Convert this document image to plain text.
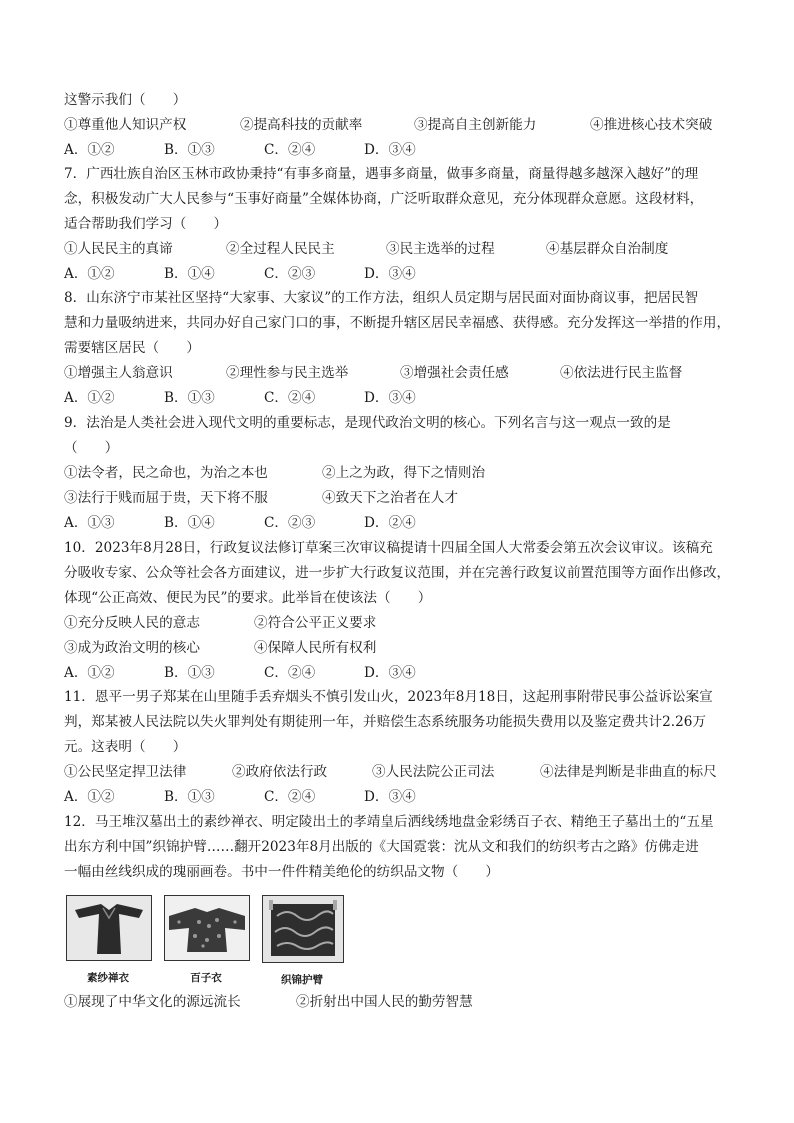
这警示我们（　　）
①尊重他人知识产权	②提高科技的贡献率	③提高自主创新能力	④推进核心技术突破
A．①②	B．①③	C．②④	D．③④
7．广西壮族自治区玉林市政协秉持“有事多商量，遇事多商量，做事多商量，商量得越多越深入越好”的理
念，积极发动广大人民参与“玉事好商量”全媒体协商，广泛听取群众意见，充分体现群众意愿。这段材料，
适合帮助我们学习（　　）
①人民民主的真谛	②全过程人民民主	③民主选举的过程	④基层群众自治制度
A．①②	B．①④	C．②③	D．③④
8．山东济宁市某社区坚持“大家事、大家议”的工作方法，组织人员定期与居民面对面协商议事，把居民智
慧和力量吸纳进来，共同办好自己家门口的事，不断提升辖区居民幸福感、获得感。充分发挥这一举措的作用，
需要辖区居民（　　）
①增强主人翁意识	②理性参与民主选举	③增强社会责任感	④依法进行民主监督
A．①②	B．①③	C．②④	D．③④
9．法治是人类社会进入现代文明的重要标志，是现代政治文明的核心。下列名言与这一观点一致的是
（　　）
①法令者，民之命也，为治之本也	②上之为政，得下之情则治
③法行于贱而屈于贵，天下将不服	④致天下之治者在人才
A．①③	B．①④	C．②③	D．②④
10．2023年8月28日，行政复议法修订草案三次审议稿提请十四届全国人大常委会第五次会议审议。该稿充
分吸收专家、公众等社会各方面建议，进一步扩大行政复议范围，并在完善行政复议前置范围等方面作出修改，
体现“公正高效、便民为民”的要求。此举旨在使该法（　　）
①充分反映人民的意志	②符合公平正义要求
③成为政治文明的核心	④保障人民所有权利
A．①②	B．①③	C．②④	D．③④
11．恩平一男子郑某在山里随手丢弃烟头不慎引发山火，2023年8月18日，这起刑事附带民事公益诉讼案宣
判，郑某被人民法院以失火罪判处有期徒刑一年，并赔偿生态系统服务功能损失费用以及鉴定费共计2.26万
元。这表明（　　）
①公民坚定捍卫法律	②政府依法行政	③人民法院公正司法	④法律是判断是非曲直的标尺
A．①②	B．①③	C．②④	D．③④
12．马王堆汉墓出土的素纱禅衣、明定陵出土的孝靖皇后洒线绣地盘金彩绣百子衣、精绝王子墓出土的“五星
出东方利中国”织锦护臂……翻开2023年8月出版的《大国霓裳：沈从文和我们的纺织考古之路》仿佛走进
一幅由丝线织成的瑰丽画卷。书中一件件精美绝伦的纺织品文物（　　）
素纱禅衣	百子衣	织锦护臂
①展现了中华文化的源远流长	②折射出中国人民的勤劳智慧
